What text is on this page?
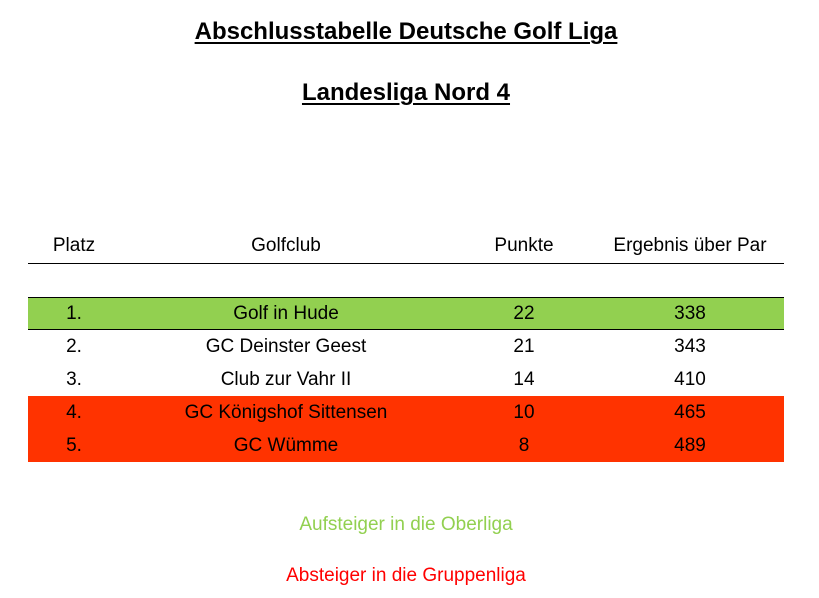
Abschlusstabelle Deutsche Golf Liga
Landesliga Nord 4
Platz	Golfclub	Punkte	Ergebnis über Par
1.	Golf in Hude	22	338
2.	GC Deinster Geest	21	343
3.	Club zur Vahr II	14	410
4.	GC Königshof Sittensen	10	465
5.	GC Wümme	8	489
Aufsteiger in die Oberliga
Absteiger in die Gruppenliga
